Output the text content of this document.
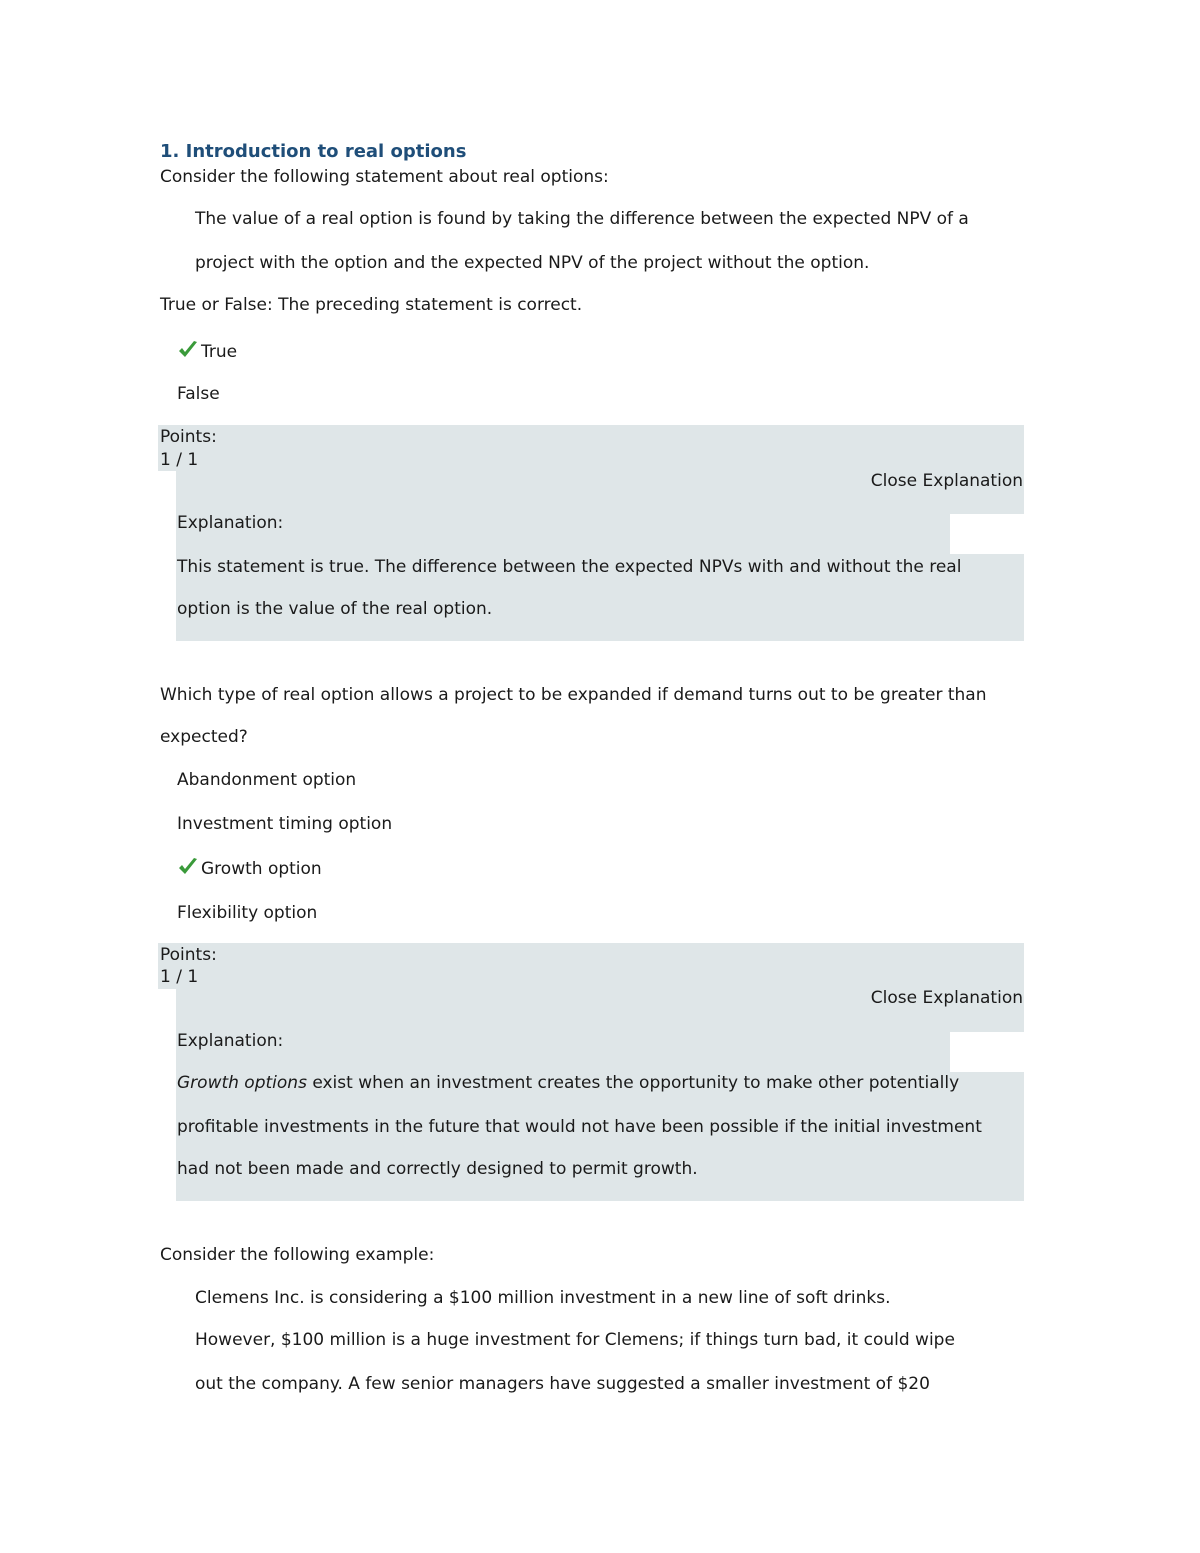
1. Introduction to real options
Consider the following statement about real options:
The value of a real option is found by taking the difference between the expected NPV of a
project with the option and the expected NPV of the project without the option.
True or False: The preceding statement is correct.
True
False
Points:
1 / 1
Close Explanation
Explanation:
This statement is true. The difference between the expected NPVs with and without the real
option is the value of the real option.
Which type of real option allows a project to be expanded if demand turns out to be greater than
expected?
Abandonment option
Investment timing option
Growth option
Flexibility option
Points:
1 / 1
Close Explanation
Explanation:
Growth options exist when an investment creates the opportunity to make other potentially
profitable investments in the future that would not have been possible if the initial investment
had not been made and correctly designed to permit growth.
Consider the following example:
Clemens Inc. is considering a $100 million investment in a new line of soft drinks.
However, $100 million is a huge investment for Clemens; if things turn bad, it could wipe
out the company. A few senior managers have suggested a smaller investment of $20
